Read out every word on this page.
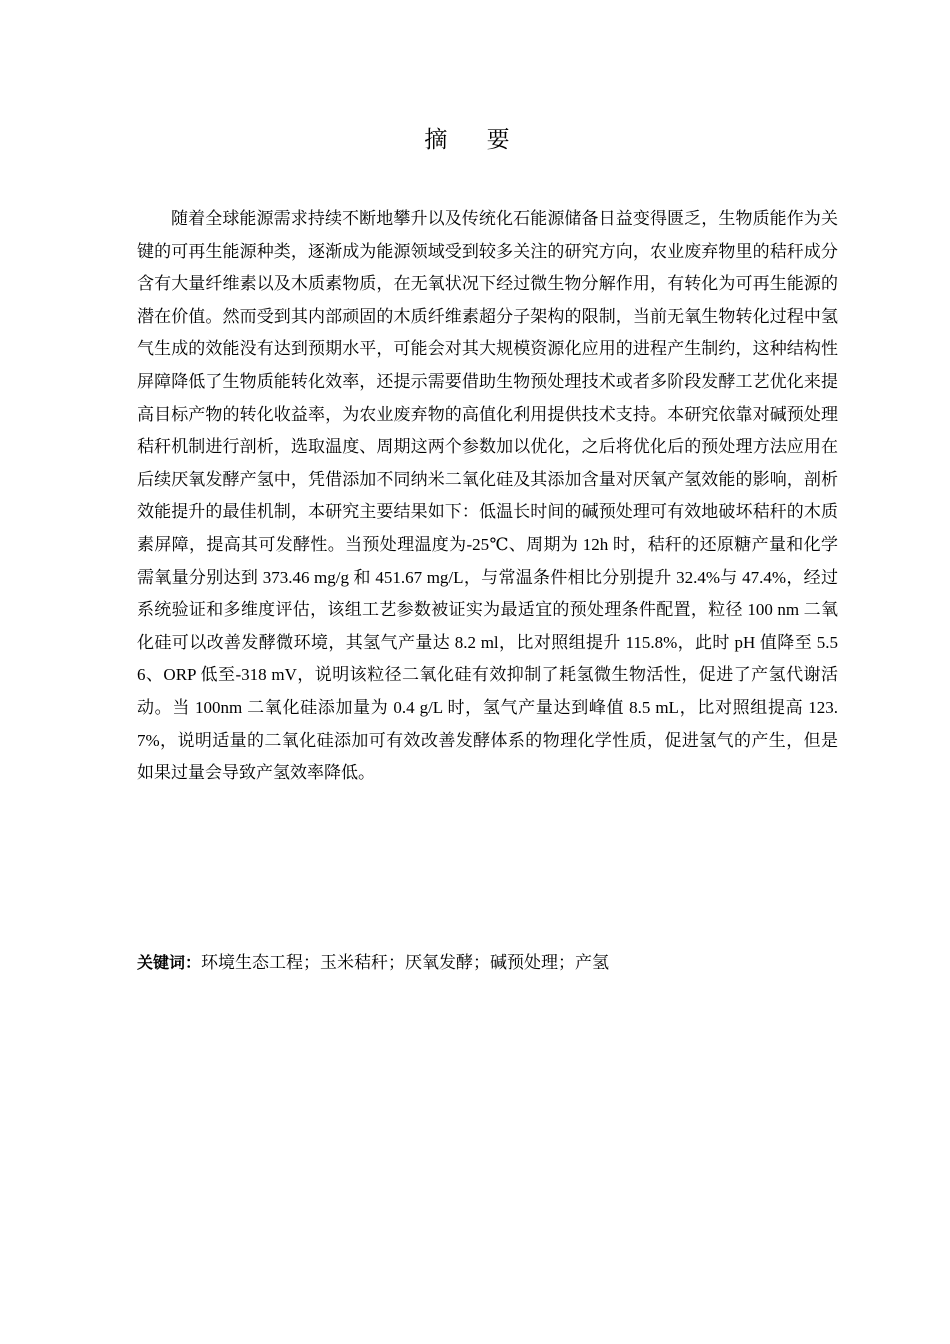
摘 要

随着全球能源需求持续不断地攀升以及传统化石能源储备日益变得匮乏，生物质能作为关键的可再生能源种类，逐渐成为能源领域受到较多关注的研究方向，农业废弃物里的秸秆成分含有大量纤维素以及木质素物质，在无氧状况下经过微生物分解作用，有转化为可再生能源的潜在价值。然而受到其内部顽固的木质纤维素超分子架构的限制，当前无氧生物转化过程中氢气生成的效能没有达到预期水平，可能会对其大规模资源化应用的进程产生制约，这种结构性屏障降低了生物质能转化效率，还提示需要借助生物预处理技术或者多阶段发酵工艺优化来提高目标产物的转化收益率，为农业废弃物的高值化利用提供技术支持。本研究依靠对碱预处理秸秆机制进行剖析，选取温度、周期这两个参数加以优化，之后将优化后的预处理方法应用在后续厌氧发酵产氢中，凭借添加不同纳米二氧化硅及其添加含量对厌氧产氢效能的影响，剖析效能提升的最佳机制，本研究主要结果如下：低温长时间的碱预处理可有效地破坏秸秆的木质素屏障，提高其可发酵性。当预处理温度为-25℃、周期为 12h 时，秸秆的还原糖产量和化学需氧量分别达到 373.46 mg/g 和 451.67 mg/L，与常温条件相比分别提升 32.4%与 47.4%，经过系统验证和多维度评估，该组工艺参数被证实为最适宜的预处理条件配置，粒径 100 nm 二氧化硅可以改善发酵微环境，其氢气产量达 8.2 ml，比对照组提升 115.8%，此时 pH 值降至 5.56、ORP 低至-318 mV，说明该粒径二氧化硅有效抑制了耗氢微生物活性，促进了产氢代谢活动。当 100nm 二氧化硅添加量为 0.4 g/L 时，氢气产量达到峰值 8.5 mL，比对照组提高 123.7%，说明适量的二氧化硅添加可有效改善发酵体系的物理化学性质，促进氢气的产生，但是如果过量会导致产氢效率降低。

关键词：环境生态工程；玉米秸秆；厌氧发酵；碱预处理；产氢
